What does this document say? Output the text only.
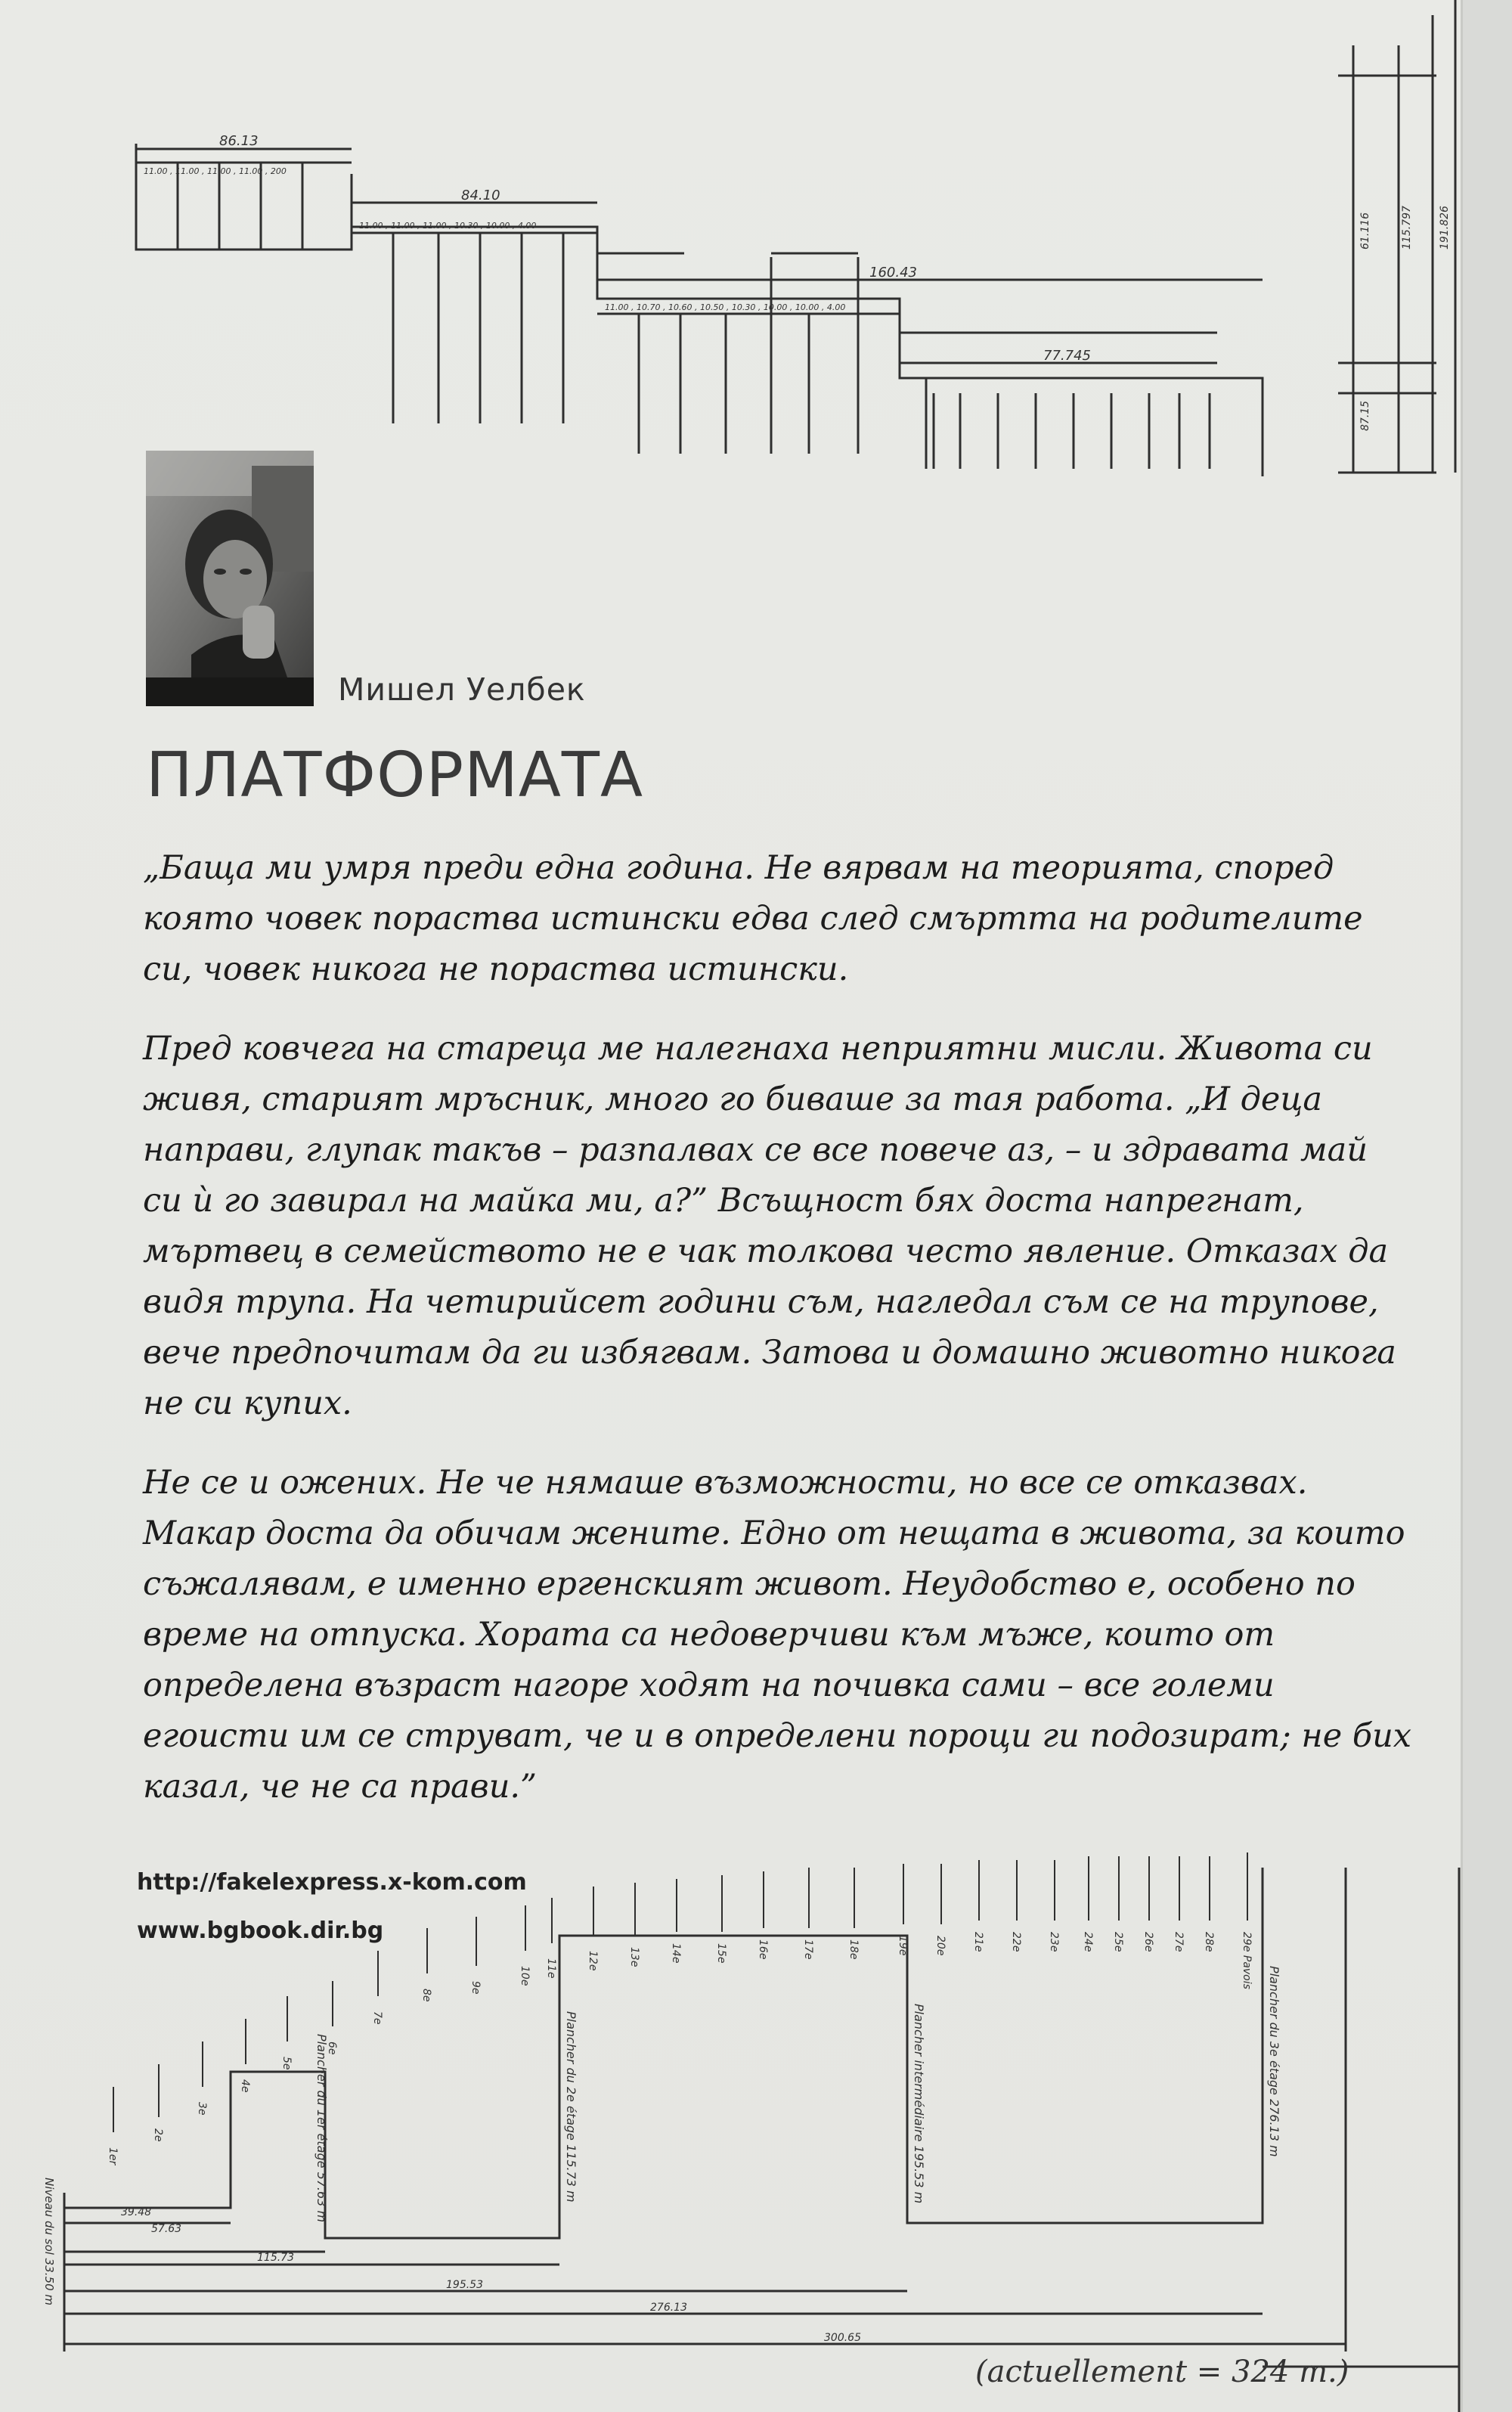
86.13
84.10
160.43
77.745
11.00 , 11.00 , 11.00 , 11.00 , 200
11.00 , 11.00 , 11.00 , 10.30 , 10.00 , 4.00
11.00 , 10.70 , 10.60 , 10.50 , 10.30 , 10.00 , 10.00 , 4.00
61.116	115.797 191.826
87.15
39.48
57.63
115.73
195.53
276.13
300.65
Plancher du 1er étage 57.63 m	Plancher du 2e étage 115.73 m	Plancher intermédiaire 195.53 m	Plancher du 3e étage 276.13 m
Niveau du sol 33.50 m
(actuellement = 324 m.)
1er
2e
3e
4e
5e
6e
7e
8e
9e
10e 11e	12e	13e	14e	15e	16e	17e	18e	19e 20e 21e 22e 23e 24e 25e 26e 27e 28e 29e Pavois
Мишел Уелбек
ПЛАТФОРМАТА

„Баща ми умря преди една година. Не вярвам на теорията, според която човек пораства истински едва след смъртта на родителите си, човек никога не пораства истински.

Пред ковчега на стареца ме налегнаха неприятни мисли. Живота си живя, старият мръсник, много го биваше за тая работа. „И деца направи, глупак такъв – разпалвах се все повече аз, – и здравата май си ѝ го завирал на майка ми, а?” Всъщност бях доста напрегнат, мъртвец в семейството не е чак толкова често явление. Отказах да видя трупа. На четирийсет години съм, нагледал съм се на трупове, вече предпочитам да ги избягвам. Затова и домашно животно никога не си купих.

Не се и ожених. Не че нямаше възможности, но все се отказвах. Макар доста да обичам жените. Едно от нещата в живота, за които съжалявам, е именно ергенският живот. Неудобство е, особено по време на отпуска. Хората са недоверчиви към мъже, които от определена възраст нагоре ходят на почивка сами – все големи егоисти им се струват, че и в определени пороци ги подозират; не бих казал, че не са прави.”

http://fakelexpress.x-kom.com
www.bgbook.dir.bg
